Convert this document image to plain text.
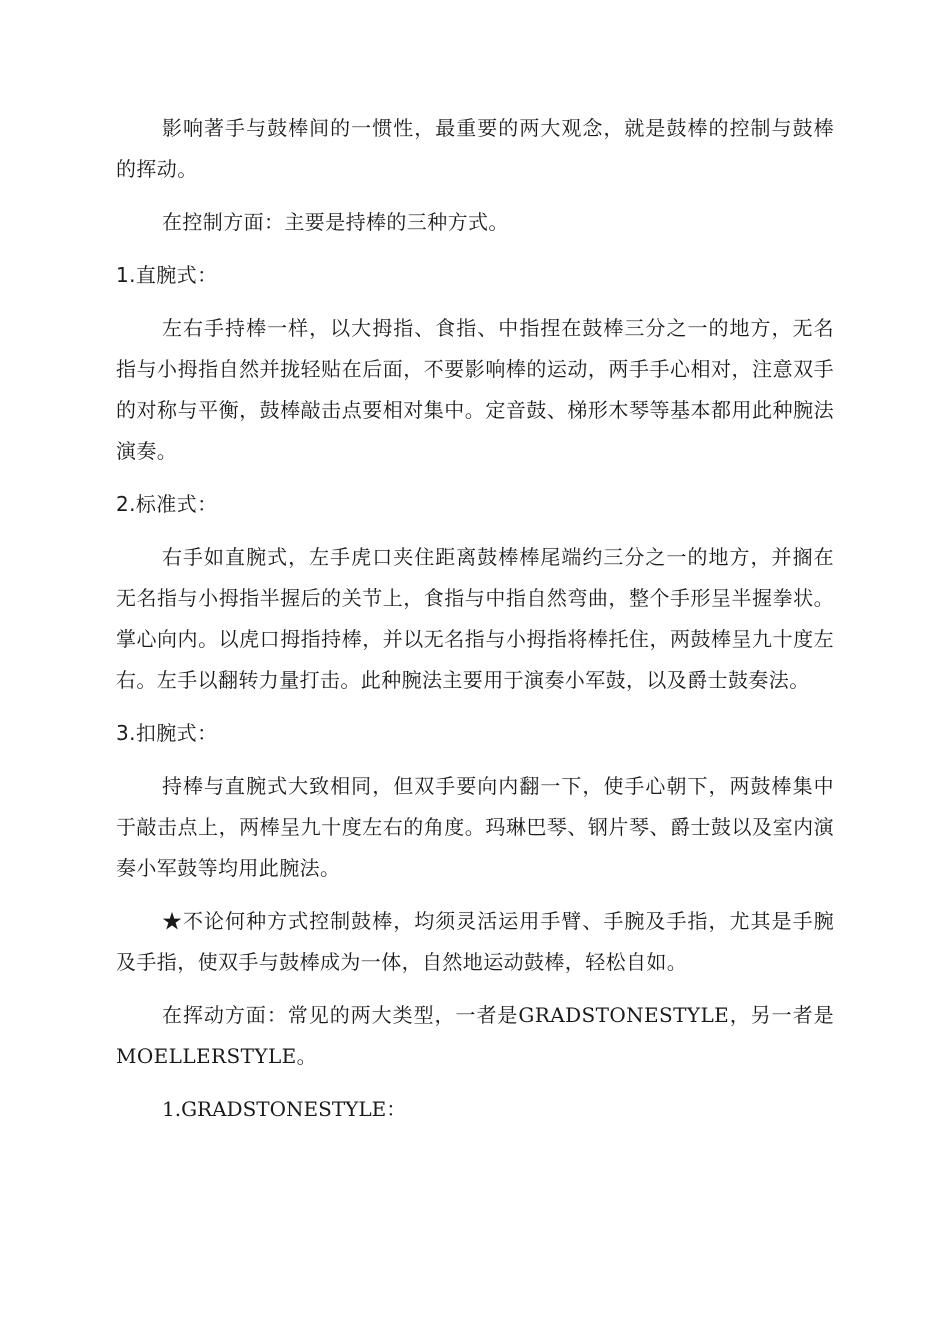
影响著手与鼓棒间的一惯性，最重要的两大观念，就是鼓棒的控制与鼓棒的挥动。

在控制方面：主要是持棒的三种方式。

1.直腕式：

左右手持棒一样，以大拇指、食指、中指捏在鼓棒三分之一的地方，无名指与小拇指自然并拢轻贴在后面，不要影响棒的运动，两手手心相对，注意双手的对称与平衡，鼓棒敲击点要相对集中。定音鼓、梯形木琴等基本都用此种腕法演奏。

2.标准式：

右手如直腕式，左手虎口夹住距离鼓棒棒尾端约三分之一的地方，并搁在无名指与小拇指半握后的关节上，食指与中指自然弯曲，整个手形呈半握拳状。掌心向内。以虎口拇指持棒，并以无名指与小拇指将棒托住，两鼓棒呈九十度左右。左手以翻转力量打击。此种腕法主要用于演奏小军鼓，以及爵士鼓奏法。

3.扣腕式：

持棒与直腕式大致相同，但双手要向内翻一下，使手心朝下，两鼓棒集中于敲击点上，两棒呈九十度左右的角度。玛琳巴琴、钢片琴、爵士鼓以及室内演奏小军鼓等均用此腕法。

★不论何种方式控制鼓棒，均须灵活运用手臂、手腕及手指，尤其是手腕及手指，使双手与鼓棒成为一体，自然地运动鼓棒，轻松自如。

在挥动方面：常见的两大类型，一者是GRADSTONESTYLE，另一者是MOELLERSTYLE。

1.GRADSTONESTYLE：
